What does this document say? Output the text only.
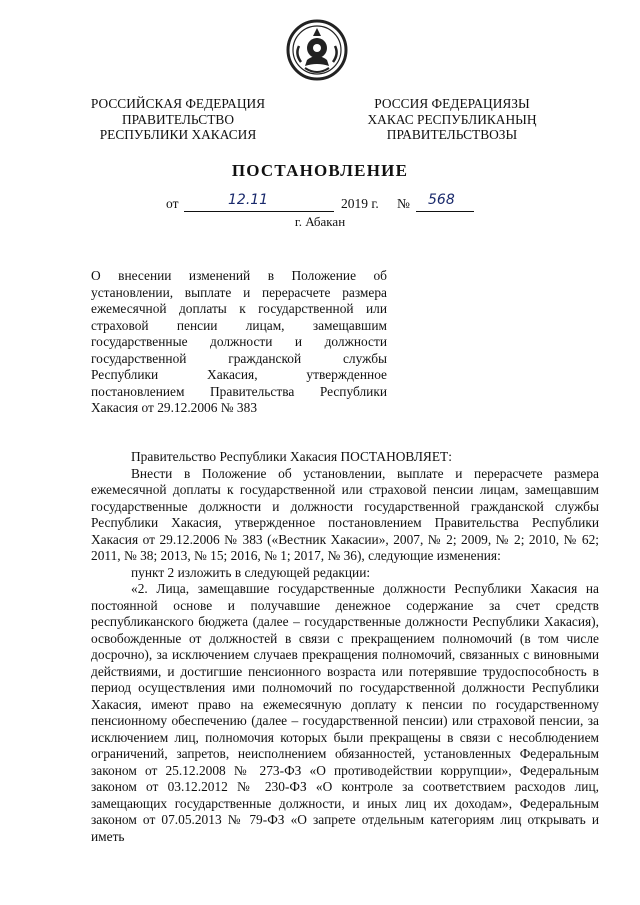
РОССИЙСКАЯ ФЕДЕРАЦИЯ
ПРАВИТЕЛЬСТВО
РЕСПУБЛИКИ ХАКАСИЯ
РОССИЯ ФЕДЕРАЦИЯЗЫ
ХАКАС РЕСПУБЛИКАНЫҢ
ПРАВИТЕЛЬСТВОЗЫ
ПОСТАНОВЛЕНИЕ
от	12.11	2019 г. № 568
г. Абакан
О внесении изменений в Положение об
установлении, выплате и перерасчете размера
ежемесячной доплаты к государственной или
страховой пенсии лицам, замещавшим
государственные должности и должности
государственной гражданской службы
Республики Хакасия, утвержденное
постановлением Правительства Республики
Хакасия от 29.12.2006 № 383

Правительство Республики Хакасия ПОСТАНОВЛЯЕТ:

Внести в Положение об установлении, выплате и перерасчете размера ежемесячной доплаты к государственной или страховой пенсии лицам, замещавшим государственные должности и должности государственной гражданской службы Республики Хакасия, утвержденное постановлением Правительства Республики Хакасия от 29.12.2006 № 383 («Вестник Хакасии», 2007, № 2; 2009, № 2; 2010, № 62; 2011, № 38; 2013, № 15; 2016, № 1; 2017, № 36), следующие изменения:

пункт 2 изложить в следующей редакции:

«2. Лица, замещавшие государственные должности Республики Хакасия на постоянной основе и получавшие денежное содержание за счет средств республиканского бюджета (далее – государственные должности Республики Хакасия), освобожденные от должностей в связи с прекращением полномочий (в том числе досрочно), за исключением случаев прекращения полномочий, связанных с виновными действиями, и достигшие пенсионного возраста или потерявшие трудоспособность в период осуществления ими полномочий по государственной должности Республики Хакасия, имеют право на ежемесячную доплату к пенсии по государственному пенсионному обеспечению (далее – государственной пенсии) или страховой пенсии, за исключением лиц, полномочия которых были прекращены в связи с несоблюдением ограничений, запретов, неисполнением обязанностей, установленных Федеральным законом от 25.12.2008 № 273-ФЗ «О противодействии коррупции», Федеральным законом от 03.12.2012 № 230-ФЗ «О контроле за соответствием расходов лиц, замещающих государственные должности, и иных лиц их доходам», Федеральным законом от 07.05.2013 № 79-ФЗ «О запрете отдельным категориям лиц открывать и иметь
